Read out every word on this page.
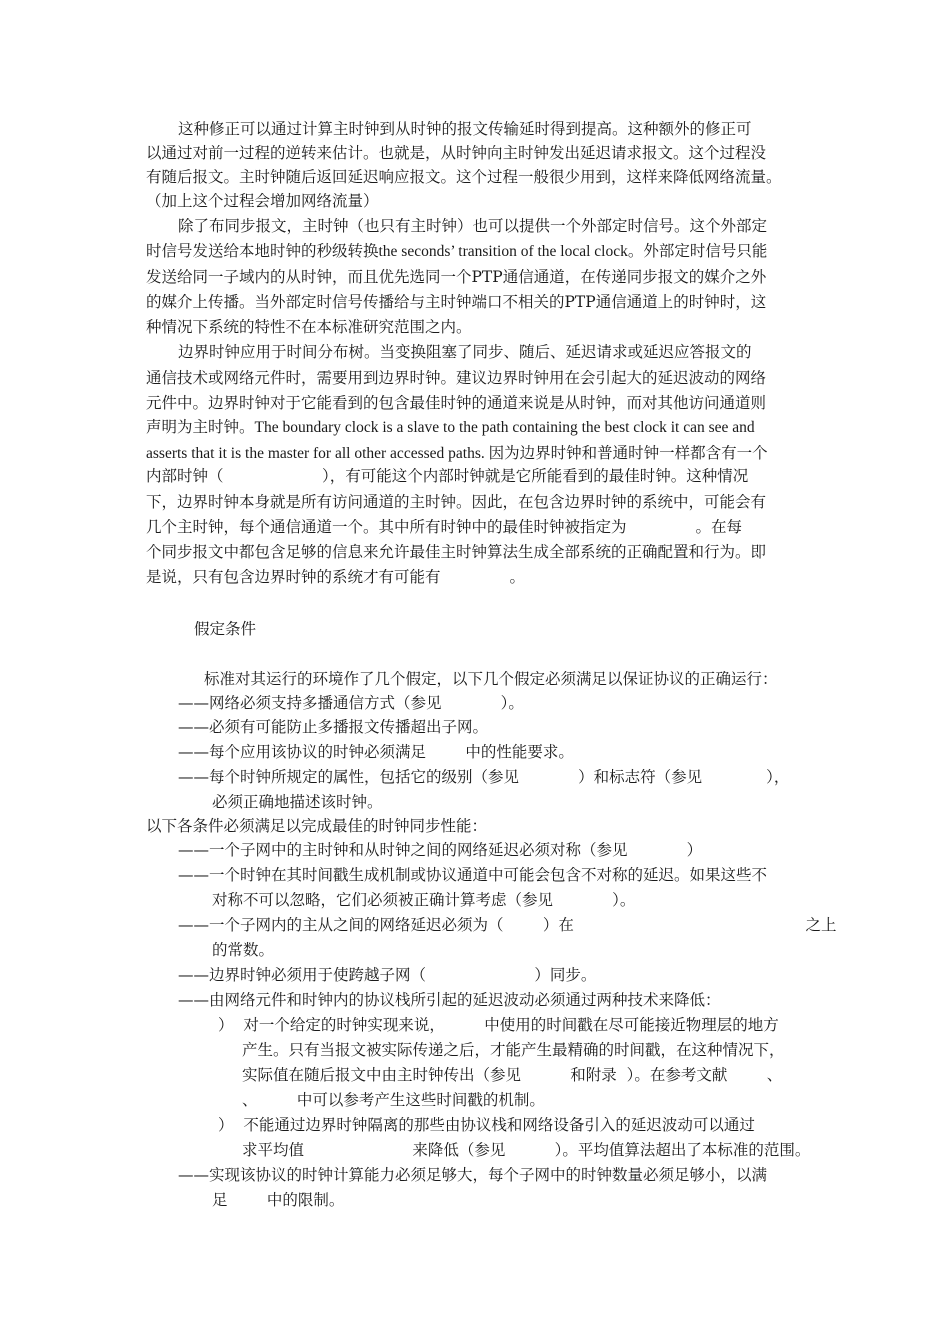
这种修正可以通过计算主时钟到从时钟的报文传输延时得到提高。这种额外的修正可
以通过对前一过程的逆转来估计。也就是，从时钟向主时钟发出延迟请求报文。这个过程没
有随后报文。主时钟随后返回延迟响应报文。这个过程一般很少用到，这样来降低网络流量。
（加上这个过程会增加网络流量）
除了布同步报文，主时钟（也只有主时钟）也可以提供一个外部定时信号。这个外部定
时信号发送给本地时钟的秒级转换the seconds’ transition of the local clock。外部定时信号只能
发送给同一子域内的从时钟，而且优先选同一个PTP通信通道，在传递同步报文的媒介之外
的媒介上传播。当外部定时信号传播给与主时钟端口不相关的PTP通信通道上的时钟时，这
种情况下系统的特性不在本标准研究范围之内。
边界时钟应用于时间分布树。当变换阻塞了同步、随后、延迟请求或延迟应答报文的
通信技术或网络元件时，需要用到边界时钟。建议边界时钟用在会引起大的延迟波动的网络
元件中。边界时钟对于它能看到的包含最佳时钟的通道来说是从时钟，而对其他访问通道则
声明为主时钟。The boundary clock is a slave to the path containing the best clock it can see and
asserts that it is the master for all other accessed paths. 因为边界时钟和普通时钟一样都含有一个
内部时钟（                    ），有可能这个内部时钟就是它所能看到的最佳时钟。这种情况
下，边界时钟本身就是所有访问通道的主时钟。因此，在包含边界时钟的系统中，可能会有
几个主时钟，每个通信通道一个。其中所有时钟中的最佳时钟被指定为              。在每
个同步报文中都包含足够的信息来允许最佳主时钟算法生成全部系统的正确配置和行为。即
是说，只有包含边界时钟的系统才有可能有              。
假定条件
标准对其运行的环境作了几个假定，以下几个假定必须满足以保证协议的正确运行：
——网络必须支持多播通信方式（参见            ）。
——必须有可能防止多播报文传播超出子网。
——每个应用该协议的时钟必须满足        中的性能要求。
——每个时钟所规定的属性，包括它的级别（参见            ）和标志符（参见             ），
必须正确地描述该时钟。
以下各条件必须满足以完成最佳的时钟同步性能：
——一个子网中的主时钟和从时钟之间的网络延迟必须对称（参见            ）
——一个时钟在其时间戳生成机制或协议通道中可能会包含不对称的延迟。如果这些不
对称不可以忽略，它们必须被正确计算考虑（参见            ）。
——一个子网内的主从之间的网络延迟必须为（        ）在                                               之上
的常数。
——边界时钟必须用于使跨越子网（                      ）同步。
——由网络元件和时钟内的协议栈所引起的延迟波动必须通过两种技术来降低：
）  对一个给定的时钟实现来说，        中使用的时间戳在尽可能接近物理层的地方
产生。只有当报文被实际传递之后，才能产生最精确的时间戳，在这种情况下，
实际值在随后报文中由主时钟传出（参见          和附录  ）。在参考文献        、
、        中可以参考产生这些时间戳的机制。
）  不能通过边界时钟隔离的那些由协议栈和网络设备引入的延迟波动可以通过
求平均值                      来降低（参见          ）。平均值算法超出了本标准的范围。
——实现该协议的时钟计算能力必须足够大，每个子网中的时钟数量必须足够小，以满
足        中的限制。
